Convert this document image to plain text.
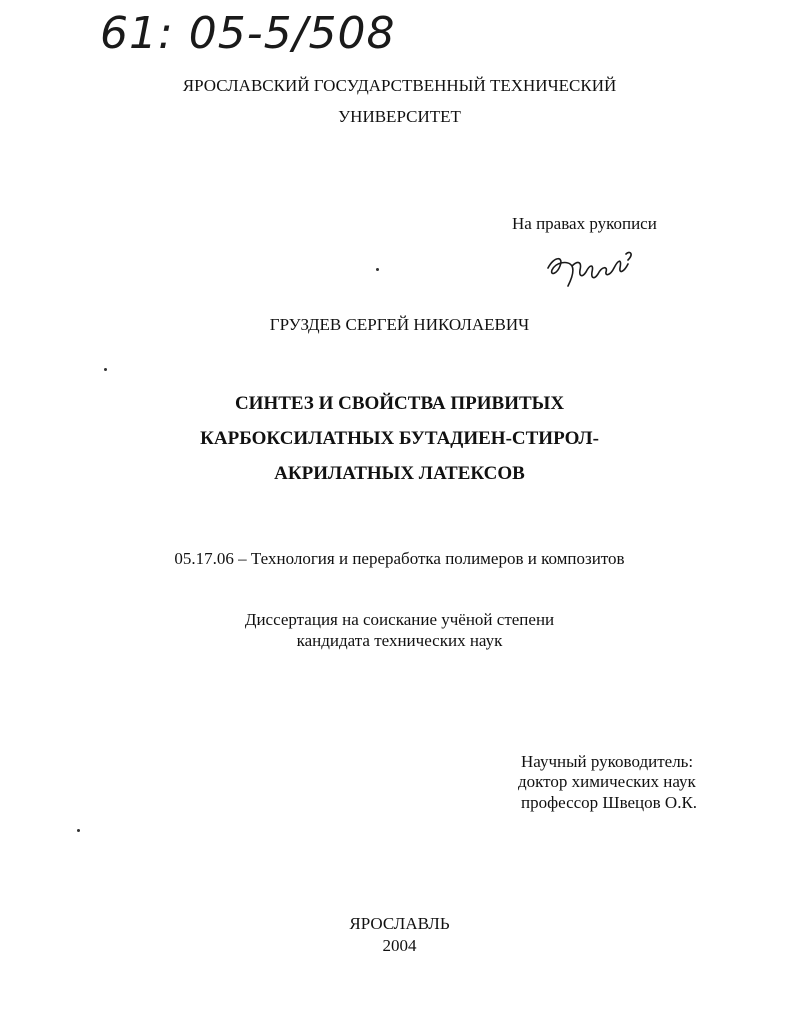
61: 05-5/508
ЯРОСЛАВСКИЙ ГОСУДАРСТВЕННЫЙ ТЕХНИЧЕСКИЙ
УНИВЕРСИТЕТ
На правах рукописи
ГРУЗДЕВ СЕРГЕЙ НИКОЛАЕВИЧ
СИНТЕЗ И СВОЙСТВА ПРИВИТЫХ
КАРБОКСИЛАТНЫХ БУТАДИЕН-СТИРОЛ-
АКРИЛАТНЫХ ЛАТЕКСОВ
05.17.06 – Технология и переработка полимеров и композитов
Диссертация на соискание учёной степени
кандидата технических наук
Научный руководитель:
доктор химических наук
профессор Швецов О.К.
ЯРОСЛАВЛЬ
2004
